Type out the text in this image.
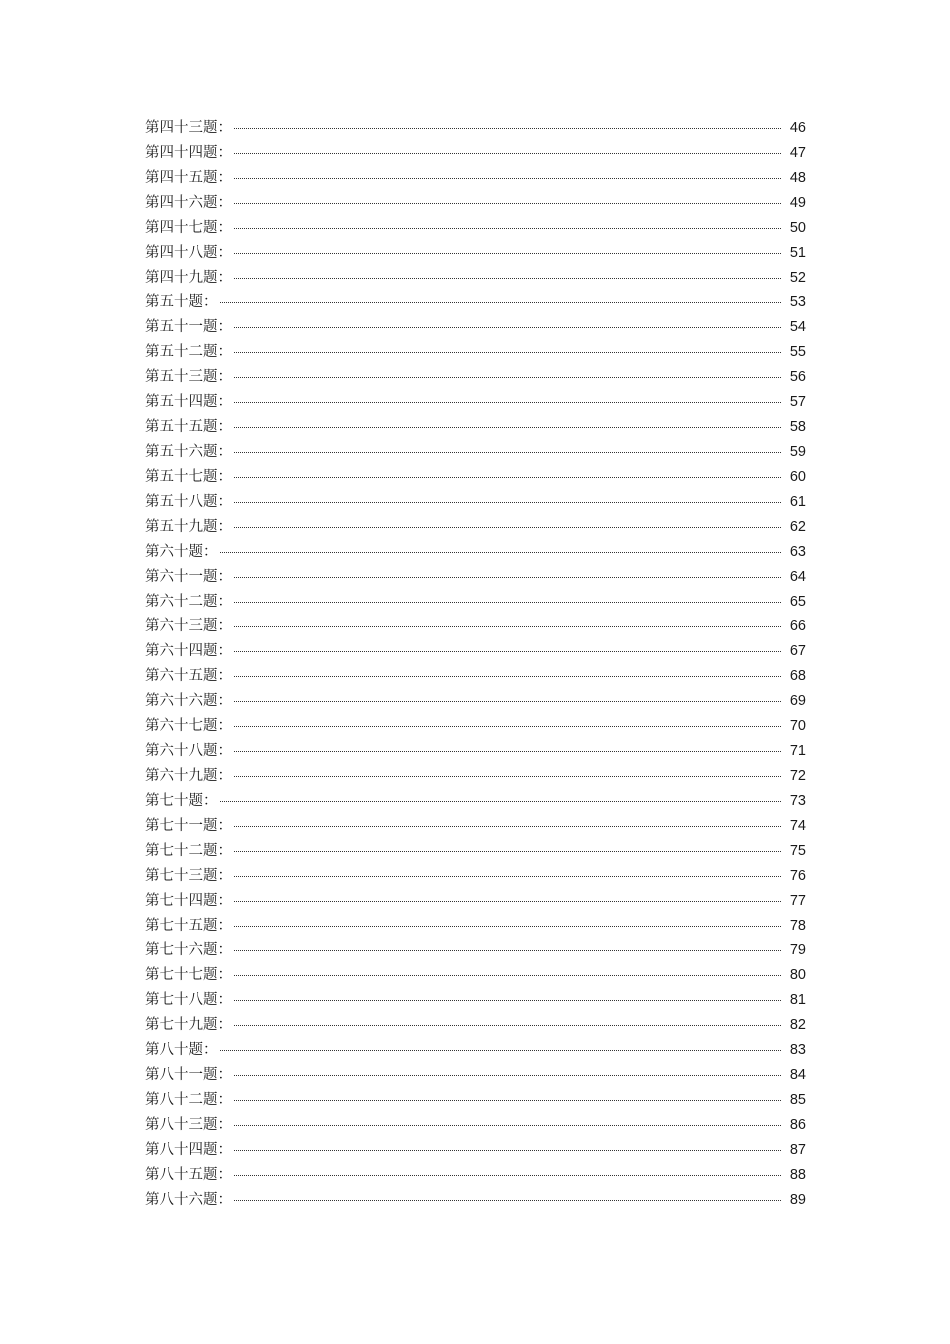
第四十三题：	46
第四十四题：	47
第四十五题：	48
第四十六题：	49
第四十七题：	50
第四十八题：	51
第四十九题：	52
第五十题：	53
第五十一题：	54
第五十二题：	55
第五十三题：	56
第五十四题：	57
第五十五题：	58
第五十六题：	59
第五十七题：	60
第五十八题：	61
第五十九题：	62
第六十题：	63
第六十一题：	64
第六十二题：	65
第六十三题：	66
第六十四题：	67
第六十五题：	68
第六十六题：	69
第六十七题：	70
第六十八题：	71
第六十九题：	72
第七十题：	73
第七十一题：	74
第七十二题：	75
第七十三题：	76
第七十四题：	77
第七十五题：	78
第七十六题：	79
第七十七题：	80
第七十八题：	81
第七十九题：	82
第八十题：	83
第八十一题：	84
第八十二题：	85
第八十三题：	86
第八十四题：	87
第八十五题：	88
第八十六题：	89
